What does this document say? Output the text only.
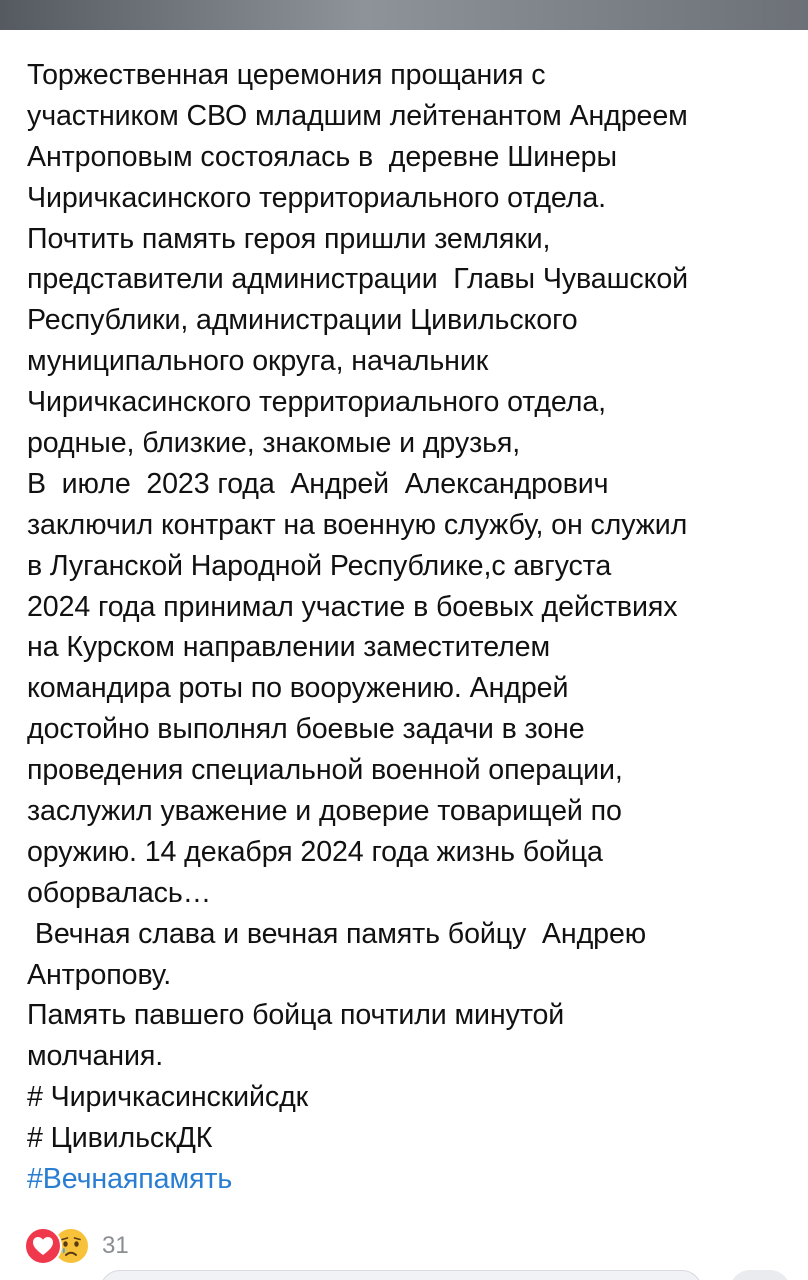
Торжественная церемония прощания с
участником СВО младшим лейтенантом Андреем
Антроповым состоялась в  деревне Шинеры
Чиричкасинского территориального отдела.
Почтить память героя пришли земляки,
представители администрации  Главы Чувашской
Республики, администрации Цивильского
муниципального округа, начальник
Чиричкасинского территориального отдела,
родные, близкие, знакомые и друзья,
В  июле  2023 года  Андрей  Александрович
заключил контракт на военную службу, он служил
в Луганской Народной Республике,с августа
2024 года принимал участие в боевых действиях
на Курском направлении заместителем
командира роты по вооружению. Андрей
достойно выполнял боевые задачи в зоне
проведения специальной военной операции,
заслужил уважение и доверие товарищей по
оружию. 14 декабря 2024 года жизнь бойца
оборвалась…
Вечная слава и вечная память бойцу  Андрею
Антропову.
Память павшего бойца почтили минутой
молчания.
# Чиричкасинскийсдк
# ЦивильскДК
#Вечнаяпамять
31
